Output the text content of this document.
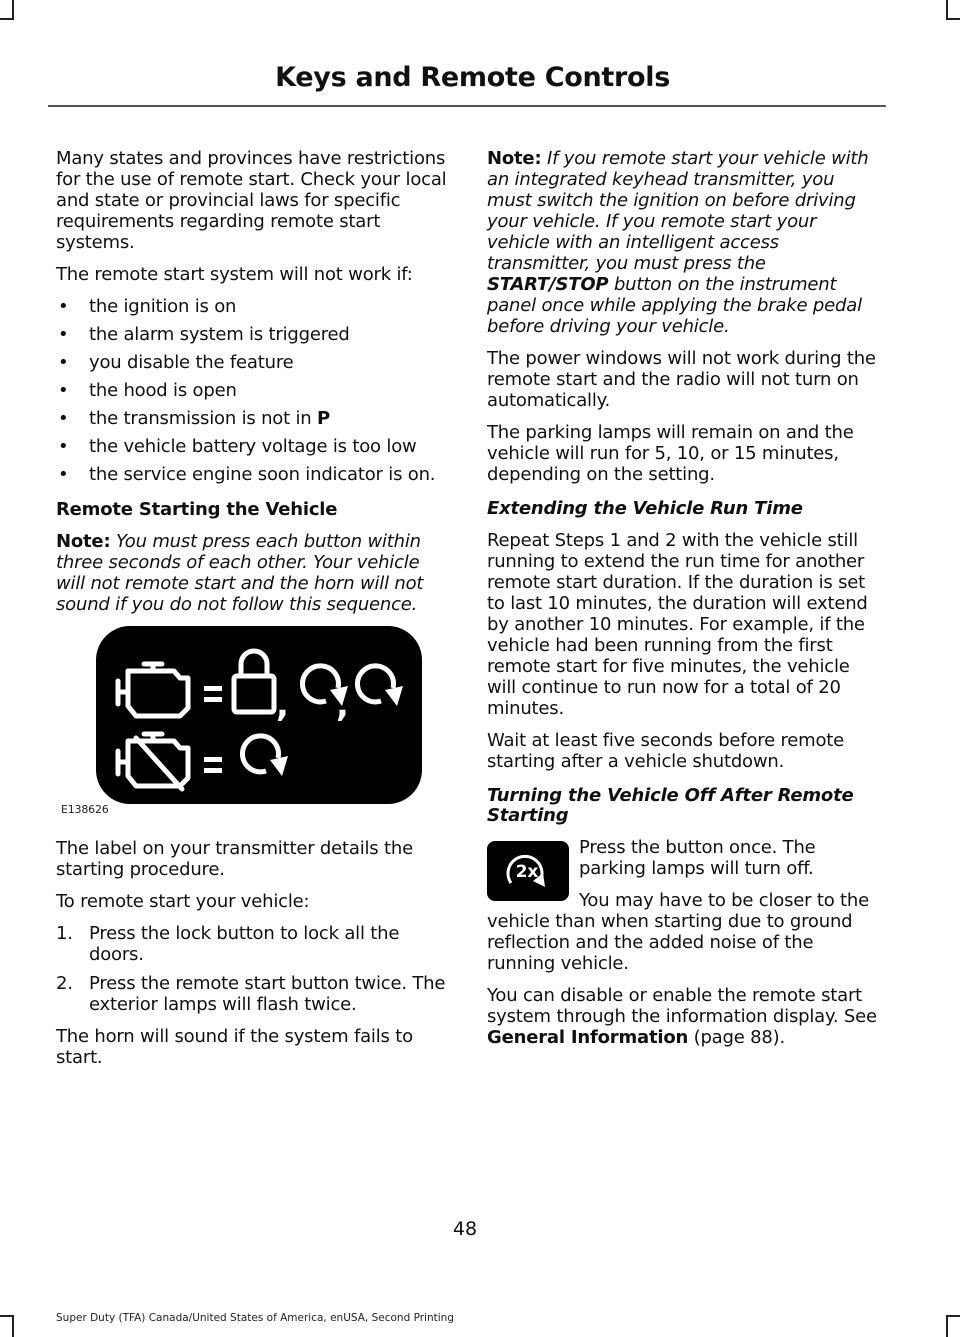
Keys and Remote Controls

Many states and provinces have restrictions for the use of remote start. Check your local and state or provincial laws for specific requirements regarding remote start systems.

The remote start system will not work if:

• the ignition is on
• the alarm system is triggered
• you disable the feature
• the hood is open
• the transmission is not in P
• the vehicle battery voltage is too low
• the service engine soon indicator is on.
Remote Starting the Vehicle

Note: You must press each button within three seconds of each other. Your vehicle will not remote start and the horn will not sound if you do not follow this sequence.

, ,
E138626

The label on your transmitter details the starting procedure.

To remote start your vehicle:

1. Press the lock button to lock all the doors.
2. Press the remote start button twice. The exterior lamps will flash twice.

The horn will sound if the system fails to start.

Note: If you remote start your vehicle with an integrated keyhead transmitter, you must switch the ignition on before driving your vehicle. If you remote start your vehicle with an intelligent access transmitter, you must press the START/STOP button on the instrument panel once while applying the brake pedal before driving your vehicle.

The power windows will not work during the remote start and the radio will not turn on automatically.

The parking lamps will remain on and the vehicle will run for 5, 10, or 15 minutes, depending on the setting.

Extending the Vehicle Run Time

Repeat Steps 1 and 2 with the vehicle still running to extend the run time for another remote start duration. If the duration is set to last 10 minutes, the duration will extend by another 10 minutes. For example, if the vehicle had been running from the first remote start for five minutes, the vehicle will continue to run now for a total of 20 minutes.

Wait at least five seconds before remote starting after a vehicle shutdown.

Turning the Vehicle Off After Remote Starting
2x

Press the button once. The parking lamps will turn off.

You may have to be closer to the vehicle than when starting due to ground reflection and the added noise of the running vehicle.

You can disable or enable the remote start system through the information display. See General Information (page 88).

48
Super Duty (TFA) Canada/United States of America, enUSA, Second Printing
